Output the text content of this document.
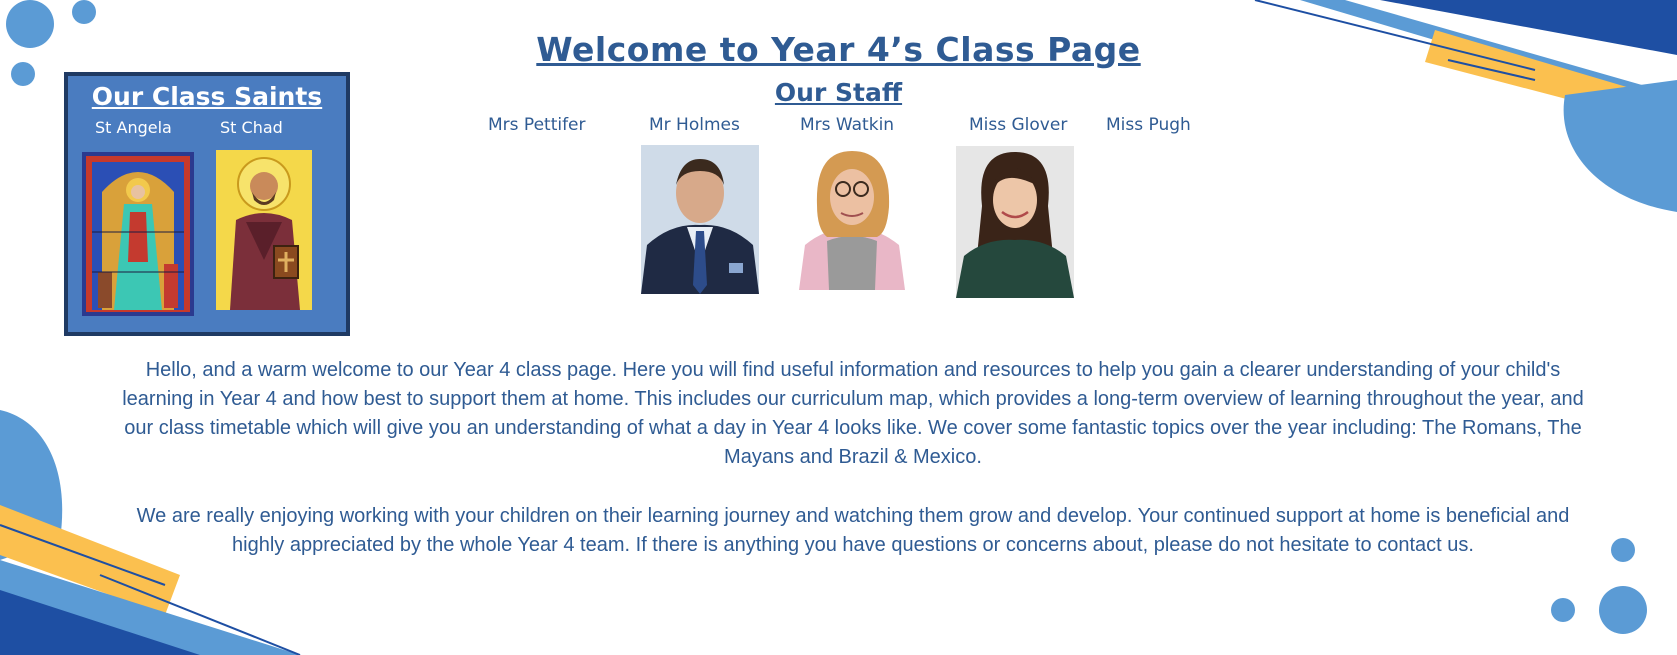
Welcome to Year 4’s Class Page
Our Class Saints
St Angela	St Chad
Our Staff
Mrs Pettifer	Mr Holmes	Mrs Watkin	Miss Glover Miss Pugh
Hello, and a warm welcome to our Year 4 class page. Here you will find useful information and resources to help you gain a clearer understanding of your child's learning in Year 4 and how best to support them at home. This includes our curriculum map, which provides a long-term overview of learning throughout the year, and our class timetable which will give you an understanding of what a day in Year 4 looks like. We cover some fantastic topics over the year including: The Romans, The Mayans and Brazil & Mexico.
We are really enjoying working with your children on their learning journey and watching them grow and develop. Your continued support at home is beneficial and highly appreciated by the whole Year 4 team. If there is anything you have questions or concerns about, please do not hesitate to contact us.
